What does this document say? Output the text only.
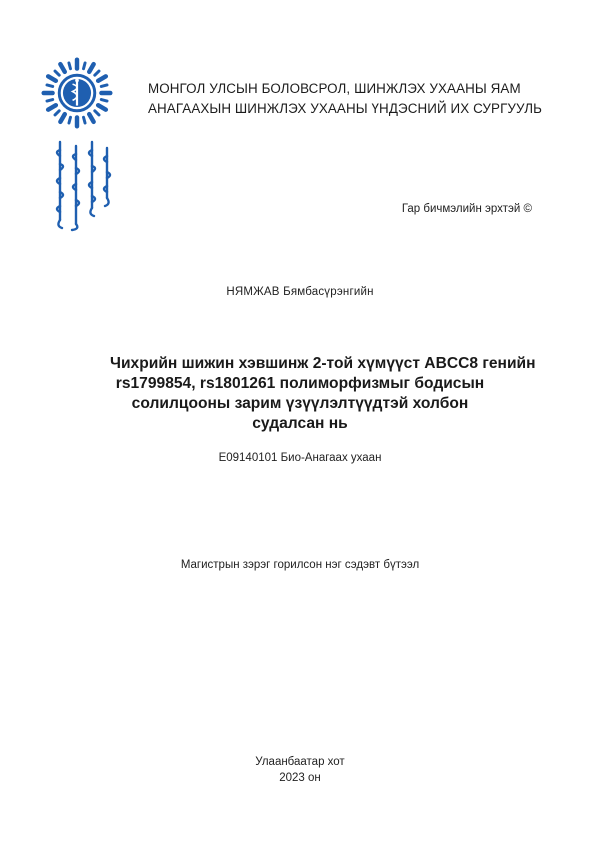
МОНГОЛ УЛСЫН БОЛОВСРОЛ, ШИНЖЛЭХ УХААНЫ ЯАМ
АНАГААХЫН ШИНЖЛЭХ УХААНЫ ҮНДЭСНИЙ ИХ СУРГУУЛЬ
Гар бичмэлийн эрхтэй ©
НЯМЖАВ Бямбасүрэнгийн
Чихрийн шижин хэвшинж 2-той хүмүүст ABCC8 генийн
rs1799854, rs1801261 полиморфизмыг бодисын
солилцооны зарим үзүүлэлтүүдтэй холбон
судалсан нь
E09140101 Био-Анагаах ухаан
Магистрын зэрэг горилсон нэг сэдэвт бүтээл
Улаанбаатар хот
2023 он
